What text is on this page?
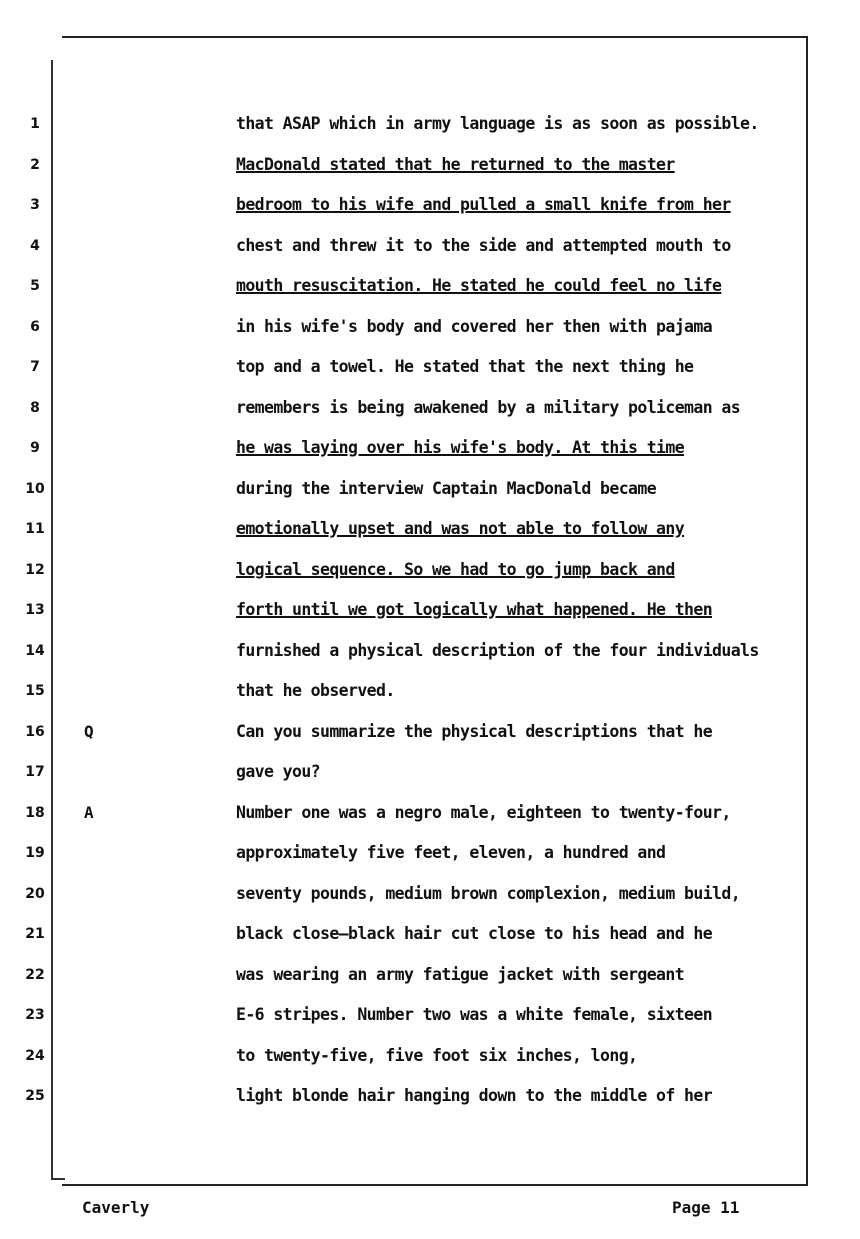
1
2
3
4
5
6
7
8
9
10
11
12
13
14
15
16
17
18
19
20
21
22
23
24
25
that ASAP which in army language is as soon as possible.
MacDonald stated that he returned to the master
bedroom to his wife and pulled a small knife from her
chest and threw it to the side and attempted mouth to
mouth resuscitation. He stated he could feel no life
in his wife's body and covered her then with pajama
top and a towel. He stated that the next thing he
remembers is being awakened by a military policeman as
he was laying over his wife's body. At this time
during the interview Captain MacDonald became
emotionally upset and was not able to follow any
logical sequence. So we had to go jump back and
forth until we got logically what happened. He then
furnished a physical description of the four individuals
that he observed.
Can you summarize the physical descriptions that he
gave you?
Number one was a negro male, eighteen to twenty-four,
approximately five feet, eleven, a hundred and
seventy pounds, medium brown complexion, medium build,
black close—black hair cut close to his head and he
was wearing an army fatigue jacket with sergeant
E-6 stripes. Number two was a white female, sixteen
to twenty-five, five foot six inches, long,
light blonde hair hanging down to the middle of her
Q
A
Caverly	Page 11
